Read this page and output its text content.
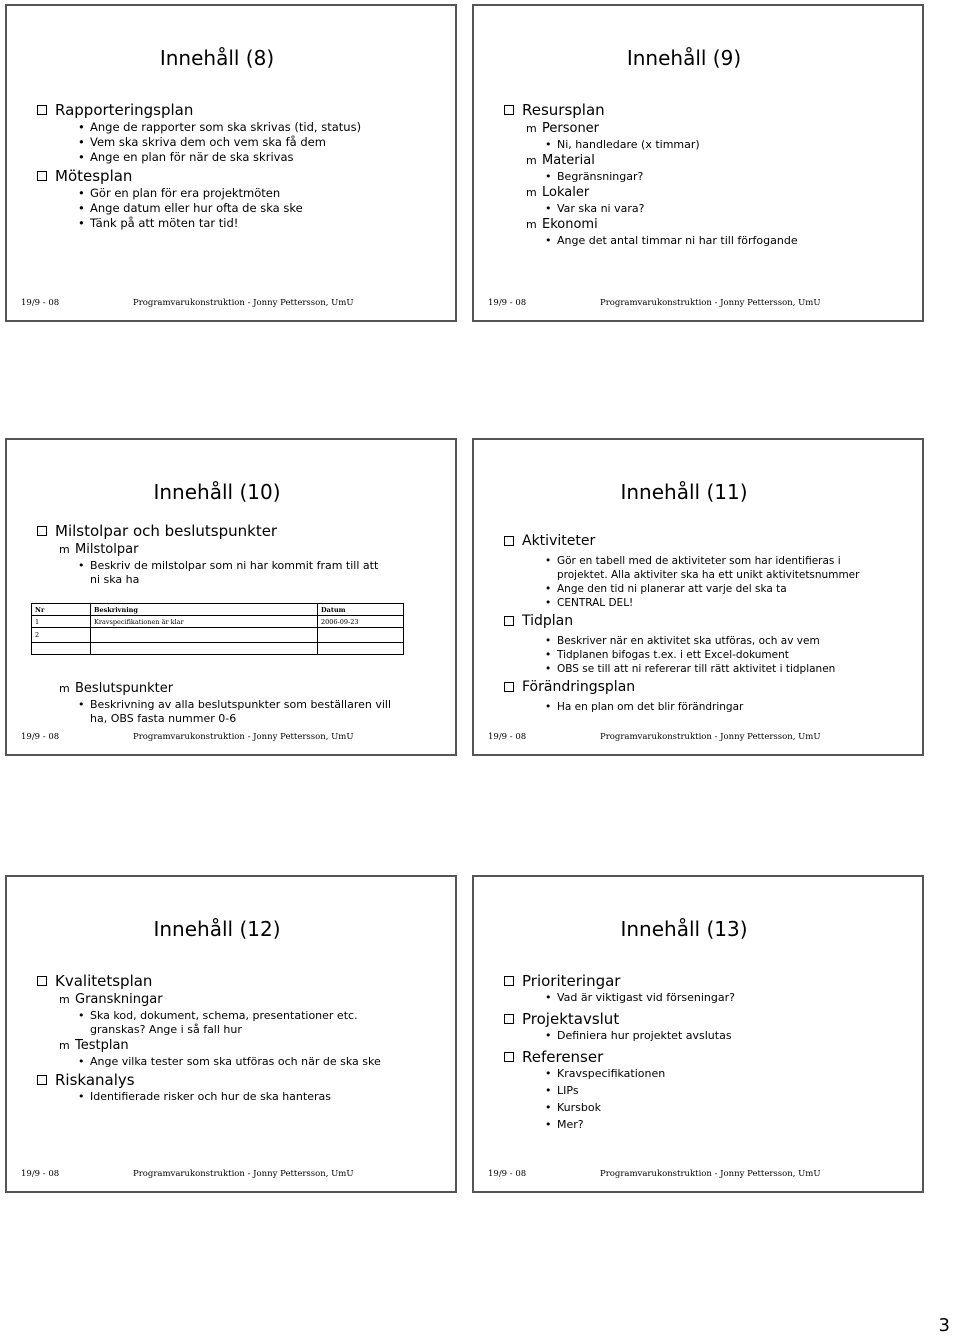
Innehåll (8)
Rapporteringsplan
• Ange de rapporter som ska skrivas (tid, status)
• Vem ska skriva dem och vem ska få dem
• Ange en plan för när de ska skrivas
Mötesplan
• Gör en plan för era projektmöten
• Ange datum eller hur ofta de ska ske
• Tänk på att möten tar tid!
19/9 - 08	Programvarukonstruktion - Jonny Pettersson, UmU
Innehåll (9)
Resursplan
m Personer
• Ni, handledare (x timmar)
m Material
• Begränsningar?
m Lokaler
• Var ska ni vara?
m Ekonomi
• Ange det antal timmar ni har till förfogande
19/9 - 08	Programvarukonstruktion - Jonny Pettersson, UmU
Innehåll (10)
Milstolpar och beslutspunkter
m Milstolpar
• Beskriv de milstolpar som ni har kommit fram till att
ni ska ha
Nr	Beskrivning	Datum
1	Kravspecifikationen är klar	2006-09-23
2		

m Beslutspunkter
• Beskrivning av alla beslutspunkter som beställaren vill
ha, OBS fasta nummer 0-6
19/9 - 08	Programvarukonstruktion - Jonny Pettersson, UmU
Innehåll (11)
Aktiviteter
• Gör en tabell med de aktiviteter som har identifieras i
projektet. Alla aktiviter ska ha ett unikt aktivitetsnummer
• Ange den tid ni planerar att varje del ska ta
• CENTRAL DEL!
Tidplan
• Beskriver när en aktivitet ska utföras, och av vem
• Tidplanen bifogas t.ex. i ett Excel-dokument
• OBS se till att ni refererar till rätt aktivitet i tidplanen
Förändringsplan
• Ha en plan om det blir förändringar
19/9 - 08	Programvarukonstruktion - Jonny Pettersson, UmU
Innehåll (12)
Kvalitetsplan
m Granskningar
• Ska kod, dokument, schema, presentationer etc.
granskas? Ange i så fall hur
m Testplan
• Ange vilka tester som ska utföras och när de ska ske
Riskanalys
• Identifierade risker och hur de ska hanteras
19/9 - 08	Programvarukonstruktion - Jonny Pettersson, UmU
Innehåll (13)
Prioriteringar
• Vad är viktigast vid förseningar?
Projektavslut
• Definiera hur projektet avslutas
Referenser
• Kravspecifikationen
• LIPs
• Kursbok
• Mer?
19/9 - 08	Programvarukonstruktion - Jonny Pettersson, UmU
3
